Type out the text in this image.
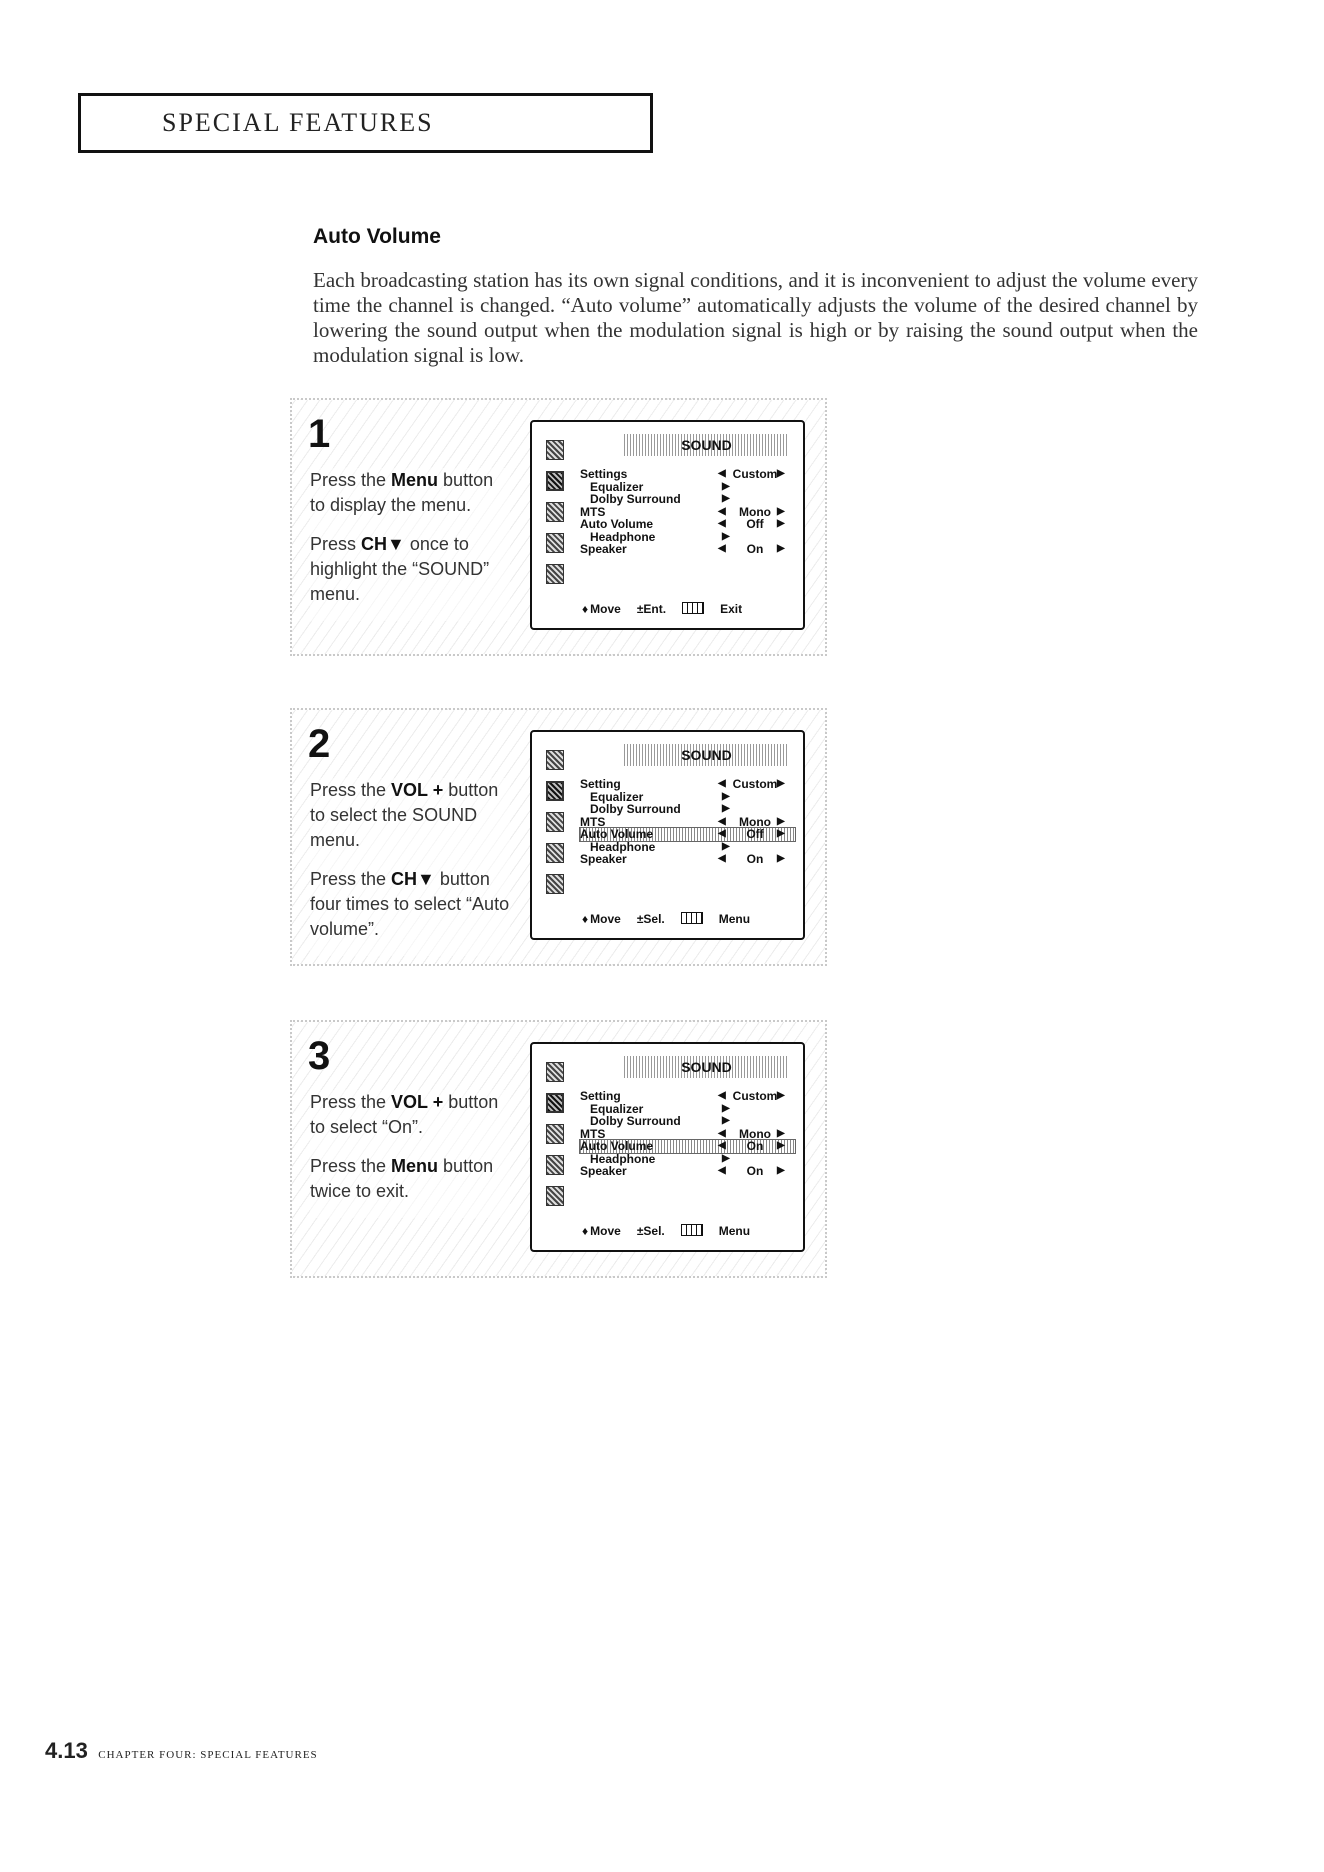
SPECIAL FEATURES
Auto Volume
Each broadcasting station has its own signal conditions, and it is inconvenient to adjust the volume every time the channel is changed. “Auto volume” automatically adjusts the volume of the desired channel by lowering the sound output when the modulation signal is high or by raising the sound output when the modulation signal is low.
1

Press the Menu button to display the menu.

Press CH▼ once to highlight the “SOUND” menu.

SOUND
Settings	◀ Custom ▶
Equalizer	▶
Dolby Surround	▶
MTS	◀	Mono ▶
Auto Volume	◀	Off	▶
Headphone	▶
Speaker	◀	On	▶
♦ Move ±Ent.	Exit
2

Press the VOL + button to select the SOUND menu.

Press the CH▼ button four times to select “Auto volume”.

SOUND
Setting	◀ Custom ▶
Equalizer	▶
Dolby Surround	▶
MTS	◀	Mono ▶
Auto Volume	◀	Off	▶
Headphone	▶
Speaker	◀	On	▶
♦ Move ±Sel.	Menu
3

Press the VOL + button to select “On”.

Press the Menu button twice to exit.

SOUND
Setting	◀ Custom ▶
Equalizer	▶
Dolby Surround	▶
MTS	◀	Mono ▶
Auto Volume	◀	On	▶
Headphone	▶
Speaker	◀	On	▶
♦ Move ±Sel.	Menu
4.13 CHAPTER FOUR: SPECIAL FEATURES
